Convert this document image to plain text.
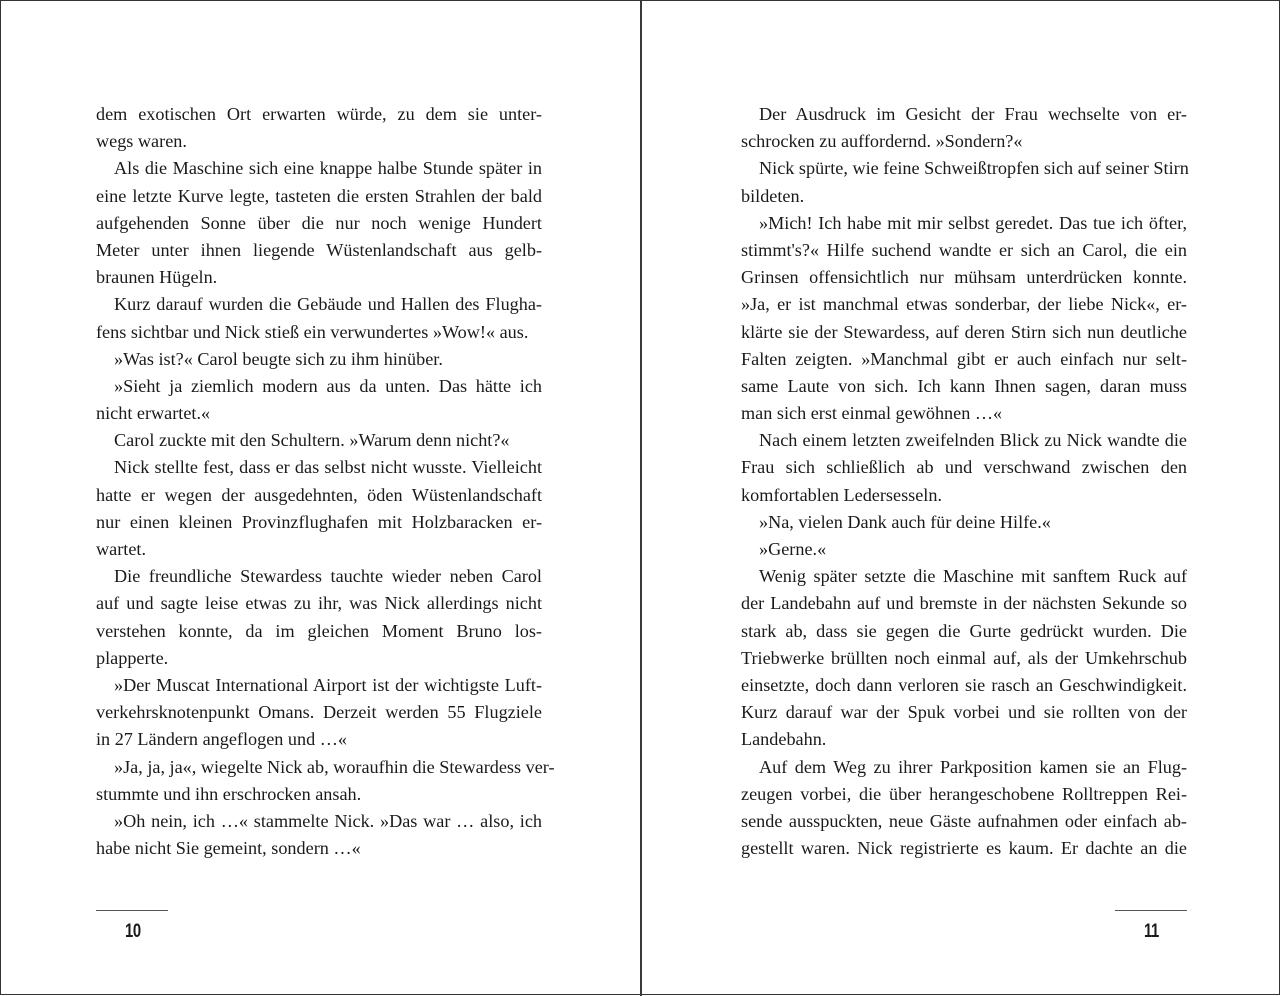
dem exotischen Ort erwarten würde, zu dem sie unter-
wegs waren.
Als die Maschine sich eine knappe halbe Stunde später in
eine letzte Kurve legte, tasteten die ersten Strahlen der bald
aufgehenden Sonne über die nur noch wenige Hundert
Meter unter ihnen liegende Wüstenlandschaft aus gelb-
braunen Hügeln.
Kurz darauf wurden die Gebäude und Hallen des Flugha-
fens sichtbar und Nick stieß ein verwundertes »Wow!« aus.
»Was ist?« Carol beugte sich zu ihm hinüber.
»Sieht ja ziemlich modern aus da unten. Das hätte ich
nicht erwartet.«
Carol zuckte mit den Schultern. »Warum denn nicht?«
Nick stellte fest, dass er das selbst nicht wusste. Vielleicht
hatte er wegen der ausgedehnten, öden Wüstenlandschaft
nur einen kleinen Provinzflughafen mit Holzbaracken er-
wartet.
Die freundliche Stewardess tauchte wieder neben Carol
auf und sagte leise etwas zu ihr, was Nick allerdings nicht
verstehen konnte, da im gleichen Moment Bruno los-
plapperte.
»Der Muscat International Airport ist der wichtigste Luft-
verkehrsknotenpunkt Omans. Derzeit werden 55 Flugziele
in 27 Ländern angeflogen und …«
»Ja, ja, ja«, wiegelte Nick ab, woraufhin die Stewardess ver-
stummte und ihn erschrocken ansah.
»Oh nein, ich …« stammelte Nick. »Das war … also, ich
habe nicht Sie gemeint, sondern …«
10
Der Ausdruck im Gesicht der Frau wechselte von er-
schrocken zu auffordernd. »Sondern?«
Nick spürte, wie feine Schweißtropfen sich auf seiner Stirn
bildeten.
»Mich! Ich habe mit mir selbst geredet. Das tue ich öfter,
stimmt's?« Hilfe suchend wandte er sich an Carol, die ein
Grinsen offensichtlich nur mühsam unterdrücken konnte.
»Ja, er ist manchmal etwas sonderbar, der liebe Nick«, er-
klärte sie der Stewardess, auf deren Stirn sich nun deutliche
Falten zeigten. »Manchmal gibt er auch einfach nur selt-
same Laute von sich. Ich kann Ihnen sagen, daran muss
man sich erst einmal gewöhnen …«
Nach einem letzten zweifelnden Blick zu Nick wandte die
Frau sich schließlich ab und verschwand zwischen den
komfortablen Ledersesseln.
»Na, vielen Dank auch für deine Hilfe.«
»Gerne.«
Wenig später setzte die Maschine mit sanftem Ruck auf
der Landebahn auf und bremste in der nächsten Sekunde so
stark ab, dass sie gegen die Gurte gedrückt wurden. Die
Triebwerke brüllten noch einmal auf, als der Umkehrschub
einsetzte, doch dann verloren sie rasch an Geschwindigkeit.
Kurz darauf war der Spuk vorbei und sie rollten von der
Landebahn.
Auf dem Weg zu ihrer Parkposition kamen sie an Flug-
zeugen vorbei, die über herangeschobene Rolltreppen Rei-
sende ausspuckten, neue Gäste aufnahmen oder einfach ab-
gestellt waren. Nick registrierte es kaum. Er dachte an die
11
